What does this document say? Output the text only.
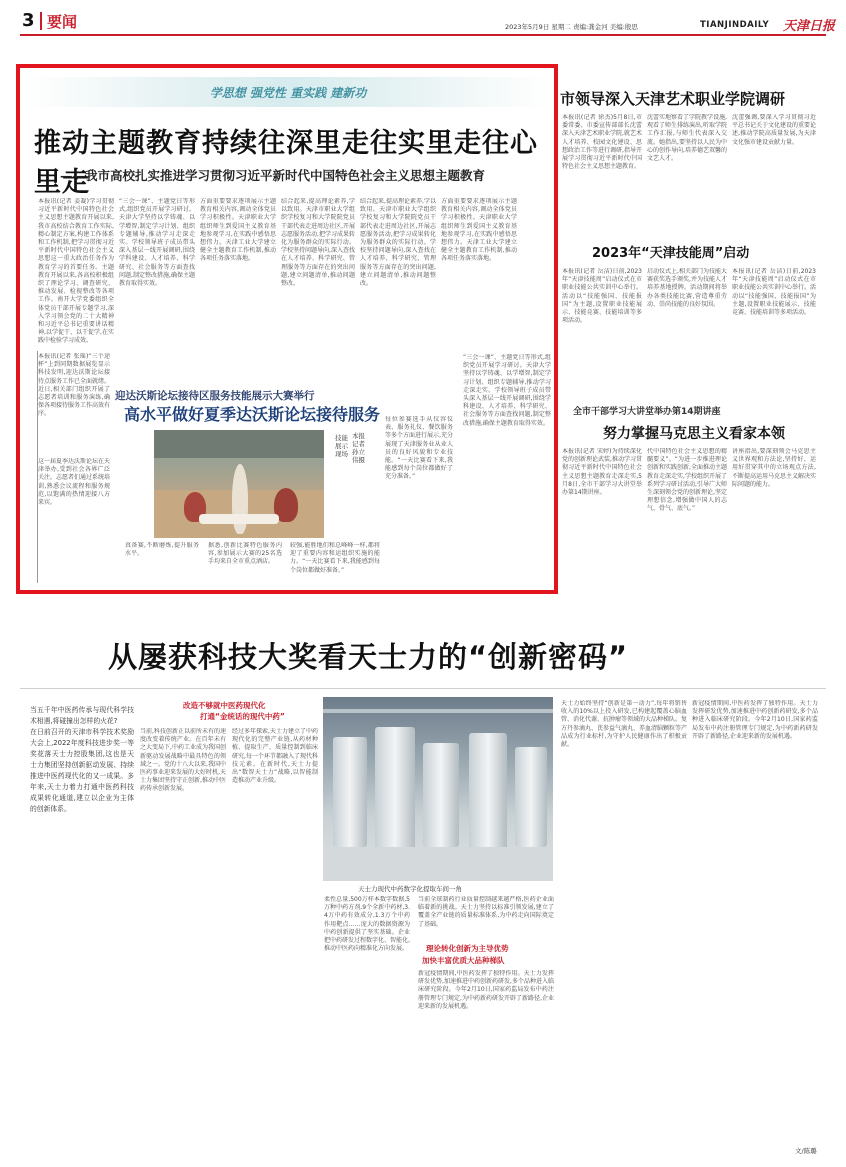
3 要闻	2023年5月9日 星期二 责编:龚金河 美编:殷思	TIANJINDAILY 天津日报
学思想 强党性 重实践 建新功
推动主题教育持续往深里走往实里走往心里走
——我市高校扎实推进学习贯彻习近平新时代中国特色社会主义思想主题教育
本报讯(记者 姜凝)学习贯彻习近平新时代中国特色社会主义思想主题教育开展以来,我市高校结合教育工作实际,精心制定方案,构建工作体系和工作机制,把学习贯彻习近平新时代中国特色社会主义思想这一重大政治任务作为教育学习的首要任务。主题教育开展以来,各高校积极组织了理论学习、调查研究、推动发展、检视整改等各项工作。南开大学党委组织全体党员干部开展专题学习,深入学习领会党的二十大精神和习近平总书记重要讲话精神,以学促干、以干促学,在实践中检验学习成效。
“三会一课”、主题党日等形式,组织党员开展学习研讨。天津大学坚持以学铸魂、以学增智,制定学习计划、组织专题辅导,推动学习走深走实。学校领导班子成员带头深入基层一线开展调研,围绕学科建设、人才培养、科学研究、社会服务等方面查找问题,制定整改措施,确保主题教育取得实效。
方面重要要求逐项展示主题教育相关内容,调动全体党员学习积极性。天津职业大学组织师生到爱国主义教育基地参观学习,在实践中感悟思想伟力。天津工业大学建立健全主题教育工作机制,推动各项任务落实落地。
结合起来,提高理论素养,学以致用。天津市职业大学组织学校复习和大学院院党员干部代表走进周边社区,开展志愿服务活动,把学习成果转化为服务群众的实际行动。学校坚持问题导向,深入查找在人才培养、科学研究、管理服务等方面存在的突出问题,建立问题清单,推动问题整改。
结合起来,提高理论素养,学以致用。天津市职业大学组织学校复习和大学院院党员干部代表走进周边社区,开展志愿服务活动,把学习成果转化为服务群众的实际行动。学校坚持问题导向,深入查找在人才培养、科学研究、管理服务等方面存在的突出问题,建立问题清单,推动问题整改。
方面重要要求逐项展示主题教育相关内容,调动全体党员学习积极性。天津职业大学组织师生到爱国主义教育基地参观学习,在实践中感悟思想伟力。天津工业大学建立健全主题教育工作机制,推动各项任务落实落地。
本报讯(记者 张瑶)“三个途杯”上到同期数据展览显示科技发明,迎达沃斯论坛接待点服务工作已全面就绪。近日,相关部门组织开展了志愿者培训和服务演练,确保各项接待服务工作高效有序。
这一届夏季达沃斯论坛在天津举办,受到社会各界广泛关注。志愿者们通过系统培训,熟悉会议流程和服务规范,以饱满的热情迎接八方来宾。
迎达沃斯论坛接待区服务技能展示大赛举行
高水平做好夏季达沃斯论坛接待服务
技能展示现场
本报记者孙立伟摄
每位参赛选手从仪容仪表、服务礼仪、餐饮服务等多个方面进行展示,充分展现了天津服务业从业人员的良好风貌和专业技能。“一天比赛看下来,我能感到每个岗位都做好了充分准备。”
真备赛,不断磨炼,提升服务水平。
据悉,创新比赛特色服务内容,参加展示大赛的25名选手均来自全市重点酒店。
较强,能胜地们和总峰峰一样,都将迎了重要内容和运组织实施的能力。“一天比赛看下来,我能感到每个岗位都做好准备。”
“三会一课”、主题党日等形式,组织党员开展学习研讨。天津大学坚持以学铸魂、以学增智,制定学习计划、组织专题辅导,推动学习走深走实。学校领导班子成员带头深入基层一线开展调研,围绕学科建设、人才培养、科学研究、社会服务等方面查找问题,制定整改措施,确保主题教育取得实效。
市领导深入天津艺术职业学院调研
本报讯(记者 徐杰)5月8日,市委常委、市委宣传部部长沈蕾深入天津艺术职业学院,就艺术人才培养、校园文化建设、思想政治工作等进行调研,指导开展学习贯彻习近平新时代中国特色社会主义思想主题教育。
沈蕾实地察看了学院教学设施,观看了师生排练演出,听取学院工作汇报,与师生代表深入交流。她指出,要坚持以人民为中心的创作导向,培养德艺双馨的文艺人才。
沈蕾强调,要深入学习贯彻习近平总书记关于文化建设的重要论述,推动学院高质量发展,为天津文化强市建设贡献力量。
2023年“天津技能周”启动
本报讯(记者 岳洁)日前,2023年“天津技能周”启动仪式在市职业技能公共实训中心举行。活动以“技能强国、技能报国”为主题,设置职业技能展示、技能竞赛、技能培训等多项活动。
启动仪式上,相关部门为技能大赛获奖选手颁奖,并为技能人才培养基地授牌。活动期间将举办各类技能比赛,营造尊重劳动、崇尚技能的良好氛围。
本报讯(记者 岳洁)日前,2023年“天津技能周”启动仪式在市职业技能公共实训中心举行。活动以“技能强国、技能报国”为主题,设置职业技能展示、技能竞赛、技能培训等多项活动。
全市干部学习大讲堂举办第14期讲座
努力掌握马克思主义看家本领
本报讯(记者 宋婷)为持续深化党的创新理论武装,推动学习贯彻习近平新时代中国特色社会主义思想主题教育走深走实,5月8日,全市干部学习大讲堂举办第14期讲座。
代中国特色社会主义思想的精髓要义”。“为进一步推进理论创新和实践创新,全面推动主题教育走深走实,学校组织开展了系列学习研讨活动,引导广大师生深刻领会党的创新理论,坚定理想信念,增强做中国人的志气、骨气、底气。”
讲座指出,要深刻领会马克思主义世界观和方法论,坚持好、运用好贯穿其中的立场观点方法,不断提高运用马克思主义解决实际问题的能力。
从屡获科技大奖看天士力的“创新密码”
当五千年中医药传承与现代科学技术相遇,将碰撞出怎样的火花?
在日前召开的天津市科学技术奖励大会上,2022年度科技进步奖一等奖花落天士力控股集团,这也是天士力集团坚持创新驱动发展、持续推进中医药现代化的又一成果。多年来,天士力着力打通中医药科技成果转化通道,建立以企业为主体的创新体系。
改造不够就中医药现代化
打通“金统话的现代中药”
当前,科技创新正以前所未有的速度改变着传统产业。在百年未有之大变局下,中药工业成为我国创新驱动发展战略中最具特色的领域之一。党的十八大以来,我国中医药事业迎来发展的大好时机,天士力集团坚持守正创新,推动中医药传承创新发展。
经过多年探索,天士力建立了中药现代化的完整产业链,从药材种植、提取生产、质量控制到临床研究,每一个环节都融入了现代科技元素。在新时代,天士力提出“数智天士力”战略,以智能制造推动产业升级。
天士力现代中药数字化提取车间一角
柔性总量,500万样本数字数据,5万种中药方剂,9个全新中药材,3.4万中药有效成分,1.3万个中药作用靶点……庞大的数据资源为中药创新提供了坚实基础。企业把中药研发过程数字化、智能化,推动中医药向精准化方向发展。
当前全球制药行业质量控制越来越严格,医药企业面临着新的挑战。天士力坚持以标准引领发展,建立了覆盖全产业链的质量标准体系,为中药走向国际奠定了基础。
理论转化创新为主导优势
加快丰富优质大品种梯队
新冠疫情期间,中医药发挥了独特作用。天士力发挥研发优势,加速推进中药创新药研发,多个品种进入临床研究阶段。今年2月10日,国家药监局发布中药注册管理专门规定,为中药新药研发开辟了新路径,企业迎来新的发展机遇。
天士力始终坚持“创新是第一动力”,每年将销售收入的10%以上投入研发,已构建起覆盖心脑血管、消化代谢、抗肿瘤等领域的大品种梯队。复方丹参滴丸、芪参益气滴丸、养血清脑颗粒等产品成为行业标杆,为守护人民健康作出了积极贡献。
新冠疫情期间,中医药发挥了独特作用。天士力发挥研发优势,加速推进中药创新药研发,多个品种进入临床研究阶段。今年2月10日,国家药监局发布中药注册管理专门规定,为中药新药研发开辟了新路径,企业迎来新的发展机遇。
文/陈璐
